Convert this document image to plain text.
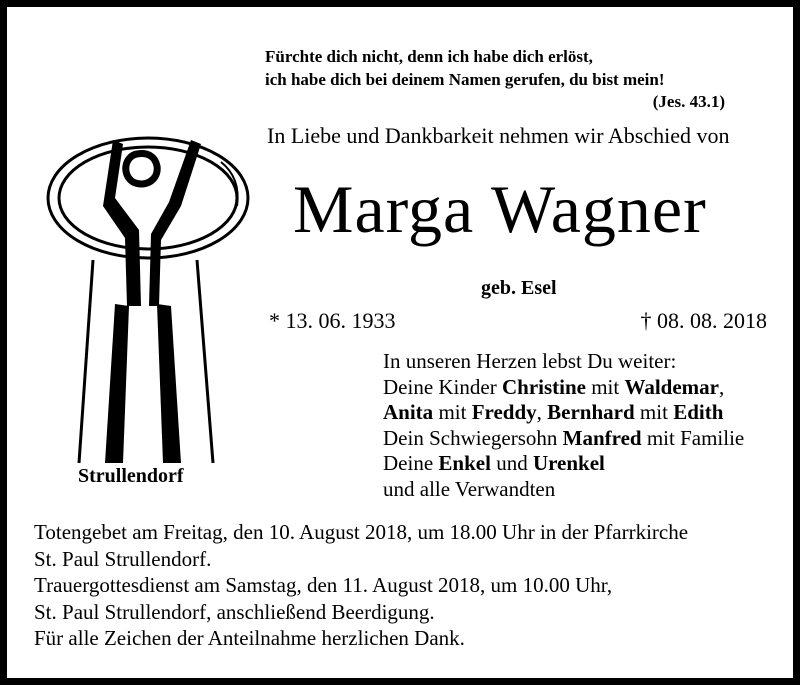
Fürchte dich nicht, denn ich habe dich erlöst,
ich habe dich bei deinem Namen gerufen, du bist mein!
(Jes. 43.1)
In Liebe und Dankbarkeit nehmen wir Abschied von
Marga Wagner
geb. Esel
* 13. 06. 1933	† 08. 08. 2018
In unseren Herzen lebst Du weiter:
Deine Kinder Christine mit Waldemar,
Anita mit Freddy, Bernhard mit Edith
Dein Schwiegersohn Manfred mit Familie
Deine Enkel und Urenkel
und alle Verwandten
Strullendorf
Totengebet am Freitag, den 10. August 2018, um 18.00 Uhr in der Pfarrkirche
St. Paul Strullendorf.
Trauergottesdienst am Samstag, den 11. August 2018, um 10.00 Uhr,
St. Paul Strullendorf, anschließend Beerdigung.
Für alle Zeichen der Anteilnahme herzlichen Dank.
